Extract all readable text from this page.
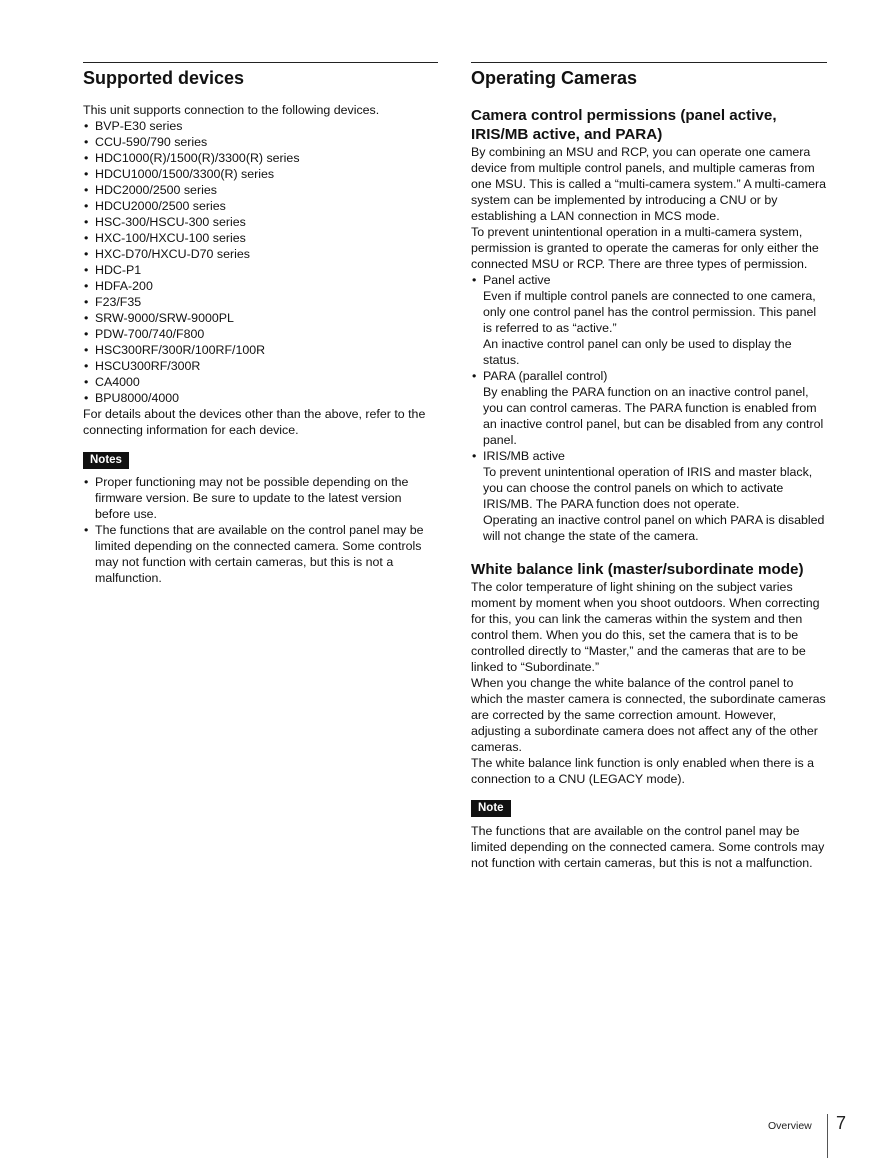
Supported devices

This unit supports connection to the following devices.

• BVP-E30 series
• CCU-590/790 series
• HDC1000(R)/1500(R)/3300(R) series
• HDCU1000/1500/3300(R) series
• HDC2000/2500 series
• HDCU2000/2500 series
• HSC-300/HSCU-300 series
• HXC-100/HXCU-100 series
• HXC-D70/HXCU-D70 series
• HDC-P1
• HDFA-200
• F23/F35
• SRW-9000/SRW-9000PL
• PDW-700/740/F800
• HSC300RF/300R/100RF/100R
• HSCU300RF/300R
• CA4000
• BPU8000/4000

For details about the devices other than the above, refer to the connecting information for each device.

Notes
• Proper functioning may not be possible depending on the firmware version. Be sure to update to the latest version before use.
• The functions that are available on the control panel may be limited depending on the connected camera. Some controls may not function with certain cameras, but this is not a malfunction.
Operating Cameras
Camera control permissions (panel active, IRIS/MB active, and PARA)

By combining an MSU and RCP, you can operate one camera device from multiple control panels, and multiple cameras from one MSU. This is called a “multi-camera system.” A multi-camera system can be implemented by introducing a CNU or by establishing a LAN connection in MCS mode.

To prevent unintentional operation in a multi-camera system, permission is granted to operate the cameras for only either the connected MSU or RCP. There are three types of permission.

• Panel active
Even if multiple control panels are connected to one camera, only one control panel has the control permission. This panel is referred to as “active.”
An inactive control panel can only be used to display the status.
• PARA (parallel control)
By enabling the PARA function on an inactive control panel, you can control cameras. The PARA function is enabled from an inactive control panel, but can be disabled from any control panel.
• IRIS/MB active
To prevent unintentional operation of IRIS and master black, you can choose the control panels on which to activate IRIS/MB. The PARA function does not operate.
Operating an inactive control panel on which PARA is disabled will not change the state of the camera.
White balance link (master/subordinate mode)

The color temperature of light shining on the subject varies moment by moment when you shoot outdoors. When correcting for this, you can link the cameras within the system and then control them. When you do this, set the camera that is to be controlled directly to “Master,” and the cameras that are to be linked to “Subordinate.”

When you change the white balance of the control panel to which the master camera is connected, the subordinate cameras are corrected by the same correction amount. However, adjusting a subordinate camera does not affect any of the other cameras.

The white balance link function is only enabled when there is a connection to a CNU (LEGACY mode).

Note

The functions that are available on the control panel may be limited depending on the connected camera. Some controls may not function with certain cameras, but this is not a malfunction.

Overview 7
